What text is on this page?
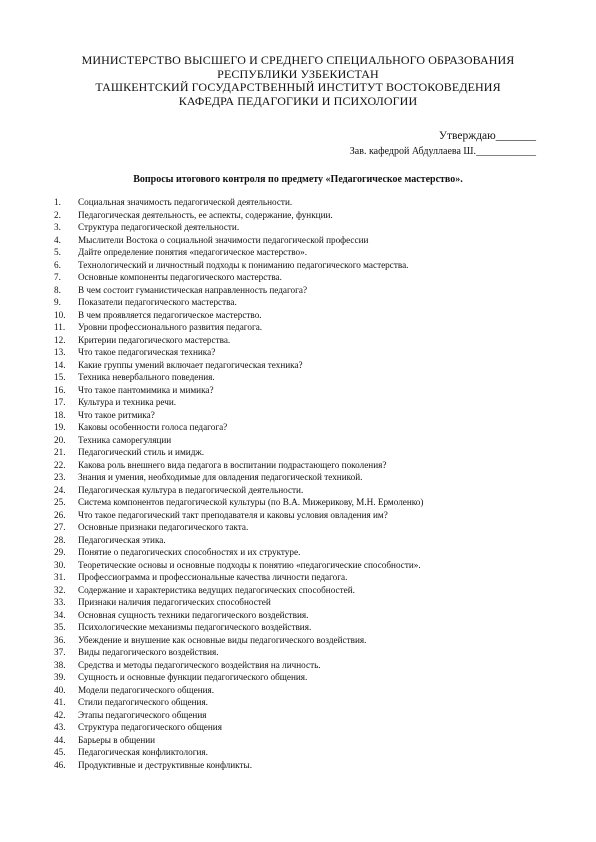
МИНИСТЕРСТВО ВЫСШЕГО И СРЕДНЕГО СПЕЦИАЛЬНОГО ОБРАЗОВАНИЯ
РЕСПУБЛИКИ УЗБЕКИСТАН
ТАШКЕНТСКИЙ ГОСУДАРСТВЕННЫЙ ИНСТИТУТ ВОСТОКОВЕДЕНИЯ
КАФЕДРА ПЕДАГОГИКИ И ПСИХОЛОГИИ
Утверждаю_______
Зав. кафедрой Абдуллаева Ш.____________
Вопросы итогового контроля по предмету «Педагогическое мастерство».
1.	Социальная значимость педагогической деятельности.
2.	Педагогическая деятельность, ее аспекты, содержание, функции.
3.	Структура педагогической деятельности.
4.	Мыслители Востока о социальной значимости педагогической профессии
5.	Дайте определение понятия «педагогическое мастерство».
6.	Технологический и личностный подходы к пониманию педагогического мастерства.
7.	Основные компоненты педагогического мастерства.
8.	В чем состоит гуманистическая направленность педагога?
9.	Показатели педагогического мастерства.
10.	В чем проявляется педагогическое мастерство.
11.	Уровни профессионального развития педагога.
12.	Критерии педагогического мастерства.
13.	Что такое педагогическая техника?
14.	Какие группы умений включает педагогическая техника?
15.	Техника невербального поведения.
16.	Что такое пантомимика и мимика?
17.	Культура и техника речи.
18.	Что такое ритмика?
19.	Каковы особенности голоса педагога?
20.	Техника саморегуляции
21.	Педагогический стиль и имидж.
22.	Какова роль внешнего вида педагога в воспитании подрастающего поколения?
23.	Знания и умения, необходимые для овладения педагогической техникой.
24.	Педагогическая культура в педагогической деятельности.
25.	Система компонентов педагогической культуры (по В.А. Мижерикову, М.Н. Ермоленко)
26.	Что такое педагогический такт преподавателя и каковы условия овладения им?
27.	Основные признаки педагогического такта.
28.	Педагогическая этика.
29.	Понятие о педагогических способностях и их структуре.
30.	Теоретические основы и основные подходы к понятию «педагогические способности».
31.	Профессиограмма и профессиональные качества личности педагога.
32.	Содержание и характеристика ведущих педагогических способностей.
33.	Признаки наличия педагогических способностей
34.	Основная сущность техники педагогического воздействия.
35.	Психологические механизмы педагогического воздействия.
36.	Убеждение и внушение как основные виды педагогического воздействия.
37.	Виды педагогического воздействия.
38.	Средства и методы педагогического воздействия на личность.
39.	Сущность и основные функции педагогического общения.
40.	Модели педагогического общения.
41.	Стили педагогического общения.
42.	Этапы педагогического общения
43.	Структура педагогического общения
44.	Барьеры в общении
45.	Педагогическая конфликтология.
46.	Продуктивные и деструктивные конфликты.
